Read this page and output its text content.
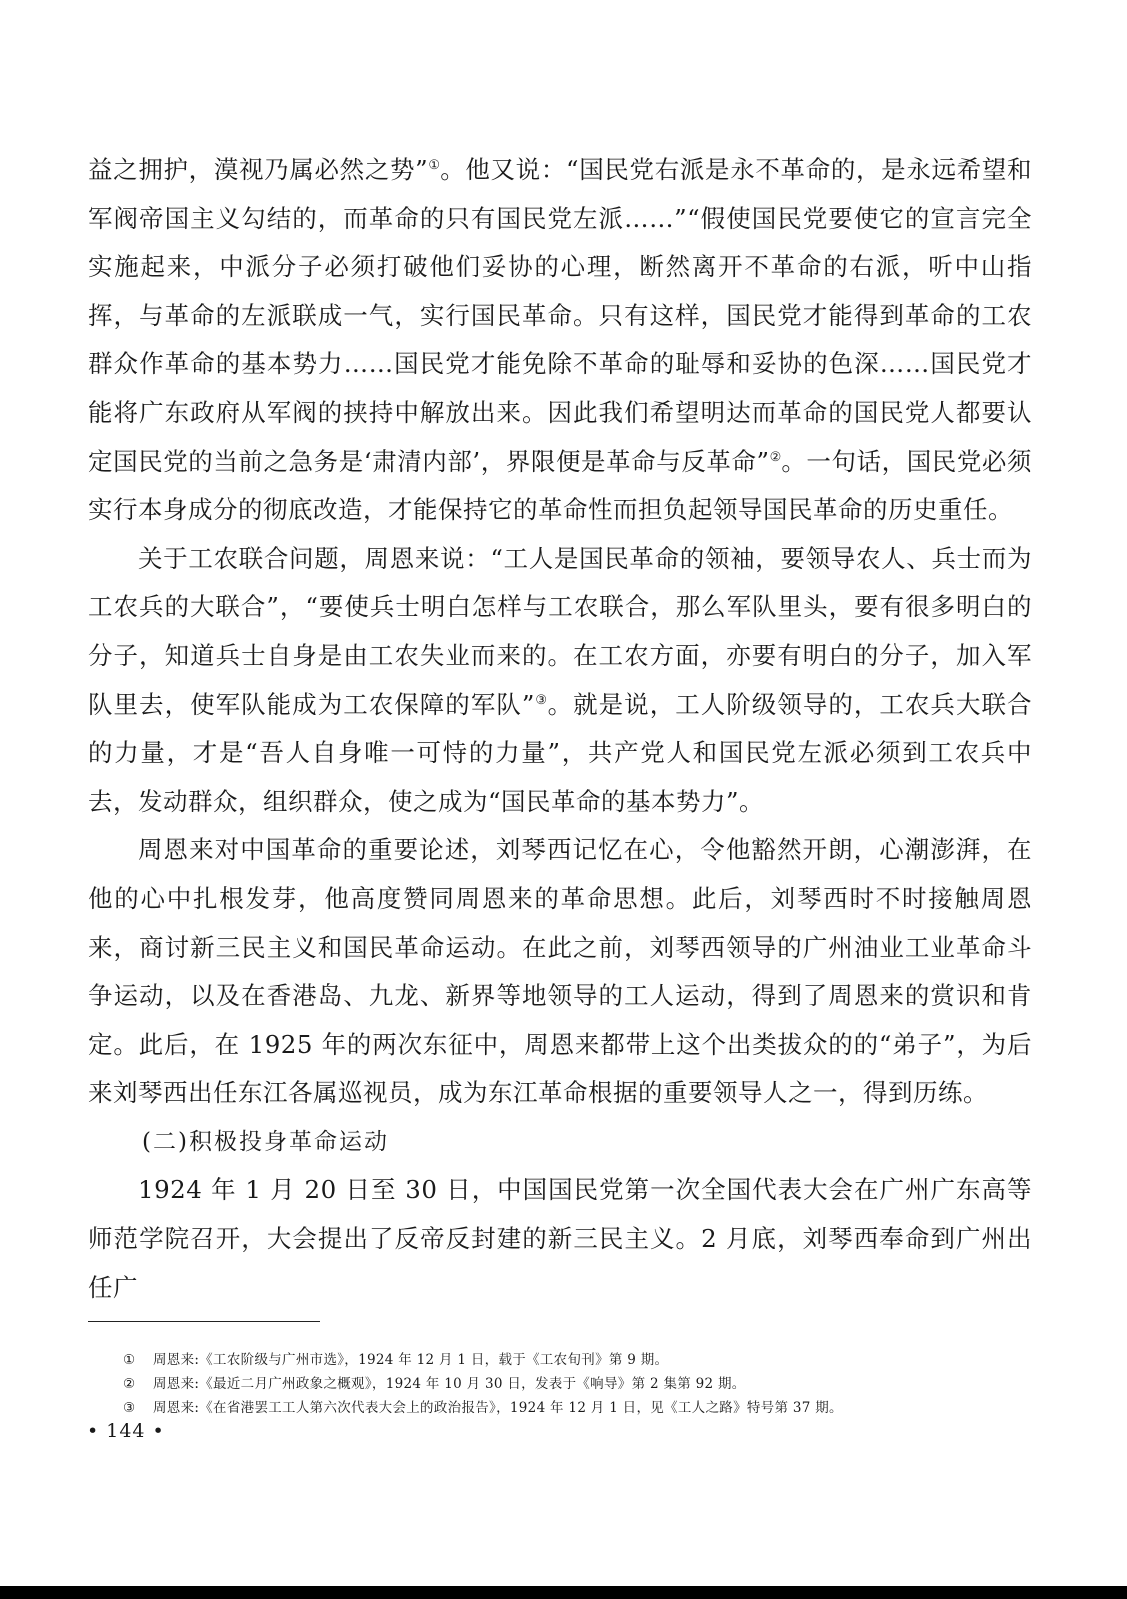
益之拥护，漠视乃属必然之势”①。他又说：“国民党右派是永不革命的，是永远希望和军阀帝国主义勾结的，而革命的只有国民党左派……”“假使国民党要使它的宣言完全实施起来，中派分子必须打破他们妥协的心理，断然离开不革命的右派，听中山指挥，与革命的左派联成一气，实行国民革命。只有这样，国民党才能得到革命的工农群众作革命的基本势力……国民党才能免除不革命的耻辱和妥协的色深……国民党才能将广东政府从军阀的挟持中解放出来。因此我们希望明达而革命的国民党人都要认定国民党的当前之急务是‘肃清内部’，界限便是革命与反革命”②。一句话，国民党必须实行本身成分的彻底改造，才能保持它的革命性而担负起领导国民革命的历史重任。

关于工农联合问题，周恩来说：“工人是国民革命的领袖，要领导农人、兵士而为工农兵的大联合”，“要使兵士明白怎样与工农联合，那么军队里头，要有很多明白的分子，知道兵士自身是由工农失业而来的。在工农方面，亦要有明白的分子，加入军队里去，使军队能成为工农保障的军队”③。就是说，工人阶级领导的，工农兵大联合的力量，才是“吾人自身唯一可恃的力量”，共产党人和国民党左派必须到工农兵中去，发动群众，组织群众，使之成为“国民革命的基本势力”。

周恩来对中国革命的重要论述，刘琴西记忆在心，令他豁然开朗，心潮澎湃，在他的心中扎根发芽，他高度赞同周恩来的革命思想。此后，刘琴西时不时接触周恩来，商讨新三民主义和国民革命运动。在此之前，刘琴西领导的广州油业工业革命斗争运动，以及在香港岛、九龙、新界等地领导的工人运动，得到了周恩来的赏识和肯定。此后，在 1925 年的两次东征中，周恩来都带上这个出类拔众的的“弟子”，为后来刘琴西出任东江各属巡视员，成为东江革命根据的重要领导人之一，得到历练。

(二)积极投身革命运动

1924 年 1 月 20 日至 30 日，中国国民党第一次全国代表大会在广州广东高等师范学院召开，大会提出了反帝反封建的新三民主义。2 月底，刘琴西奉命到广州出任广

① 周恩来:《工农阶级与广州市选》，1924 年 12 月 1 日，载于《工农旬刊》第 9 期。
② 周恩来:《最近二月广州政象之概观》，1924 年 10 月 30 日，发表于《响导》第 2 集第 92 期。
③ 周恩来:《在省港罢工工人第六次代表大会上的政治报告》，1924 年 12 月 1 日，见《工人之路》特号第 37 期。
• 144 •
